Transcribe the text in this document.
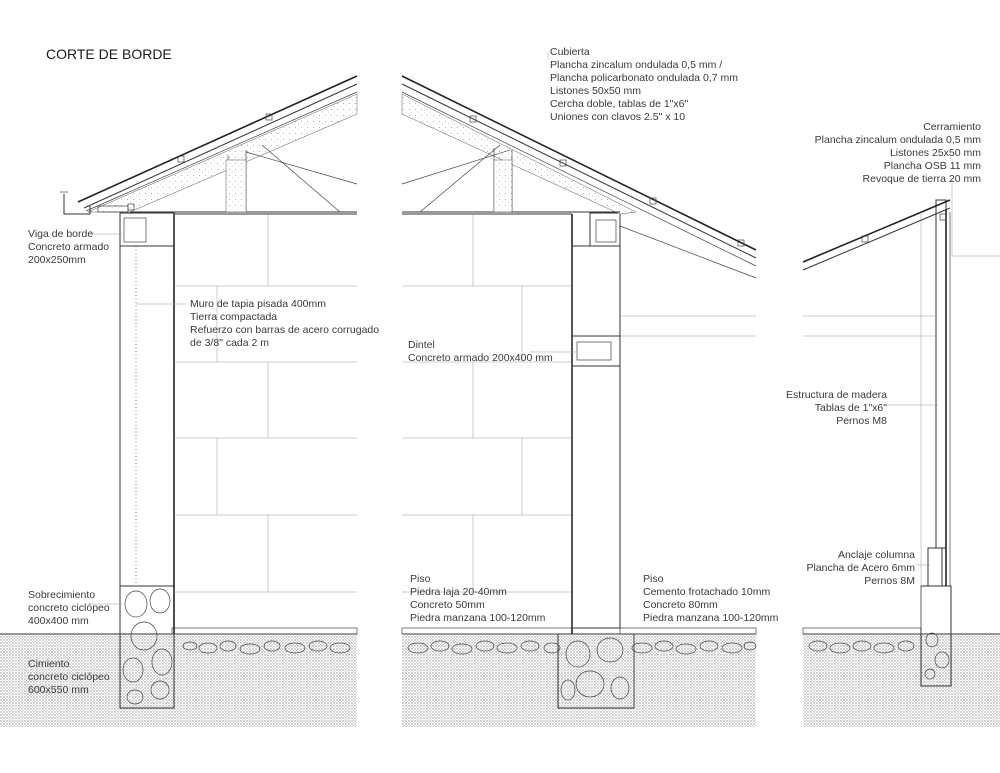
CORTE DE BORDE	Cubierta
Plancha zincalum ondulada 0,5 mm /
Plancha policarbonato ondulada 0,7 mm
Listones 50x50 mm
Cercha doble, tablas de 1"x6"
Uniones con clavos 2.5" x 10
Cerramiento
Plancha zincalum ondulada 0,5 mm
Listones 25x50 mm
Plancha OSB 11 mm
Revoque de tierra 20 mm
Viga de borde
Concreto armado
200x250mm
Muro de tapia pisada 400mm
Tierra compactada
Refuerzo con barras de acero corrugado
de 3/8" cada 2 m	Dintel
Concreto armado 200x400 mm
Estructura de madera
Tablas de 1"x6"
Pernos M8
Anclaje columna
Plancha de Acero 6mm
Pernos 8M
Sobrecimiento
concreto ciclópeo
400x400 mm
Cimiento
concreto ciclópeo
600x550 mm
Piso
Piedra laja 20-40mm
Concreto 50mm
Piedra manzana 100-120mm
Piso
Cemento frotachado 10mm
Concreto 80mm
Piedra manzana 100-120mm
